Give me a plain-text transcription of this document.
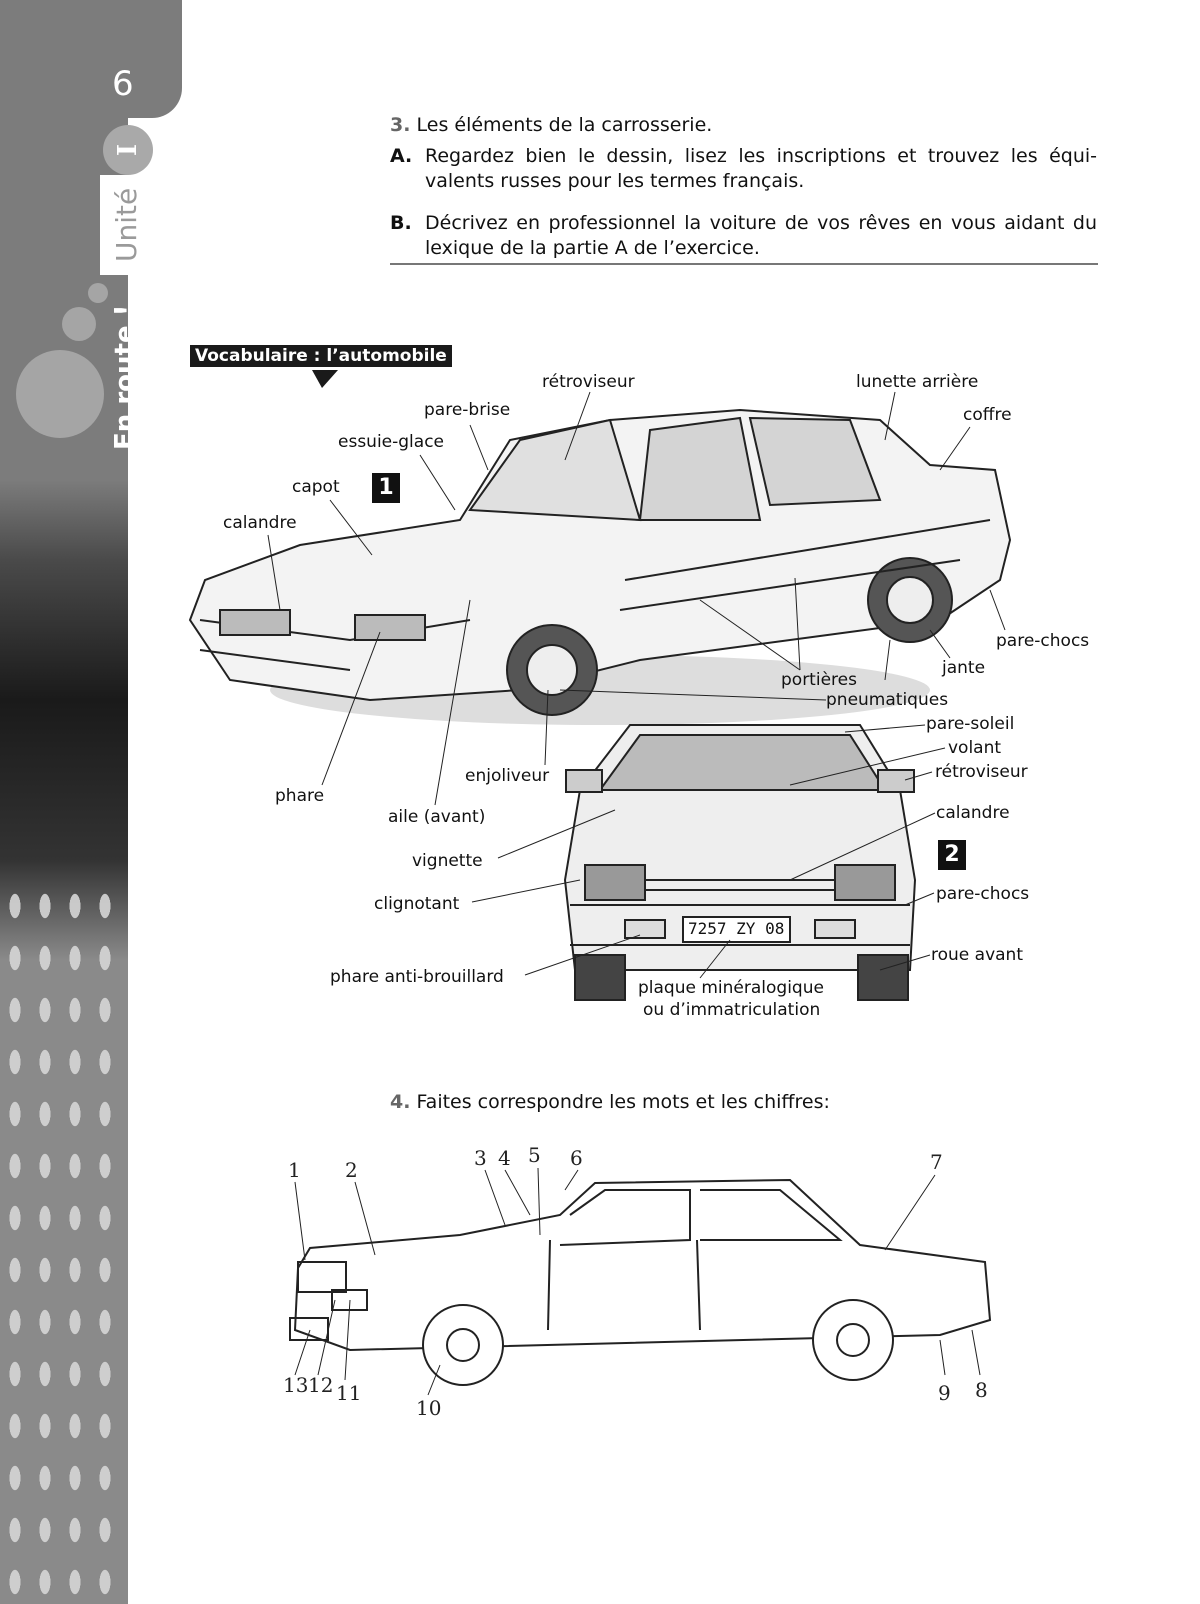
6
I
Unité
En route !
3. Les éléments de la carrosserie.
A. Regardez bien le dessin, lisez les inscriptions et trouvez les équi-
valents russes pour les termes français.
B. Décrivez en professionnel la voiture de vos rêves en vous aidant du
lexique de la partie A de l’exercice.
Vocabulaire : l’automobile
1
2
rétroviseur	lunette arrière
pare-brise	coffre
essuie-glace
capot
calandre
pare-chocs
jante
portières
pneumatiques
enjoliveur
phare
aile (avant)
pare-soleil
volant
rétroviseur
calandre
vignette
clignotant	pare-chocs
roue avant
phare anti-brouillard
plaque minéralogique
ou d’immatriculation
7257 ZY 08
4. Faites correspondre les mots et les chiffres:
1 2	3 4 5 6	7
8
9
10
11
12
13
